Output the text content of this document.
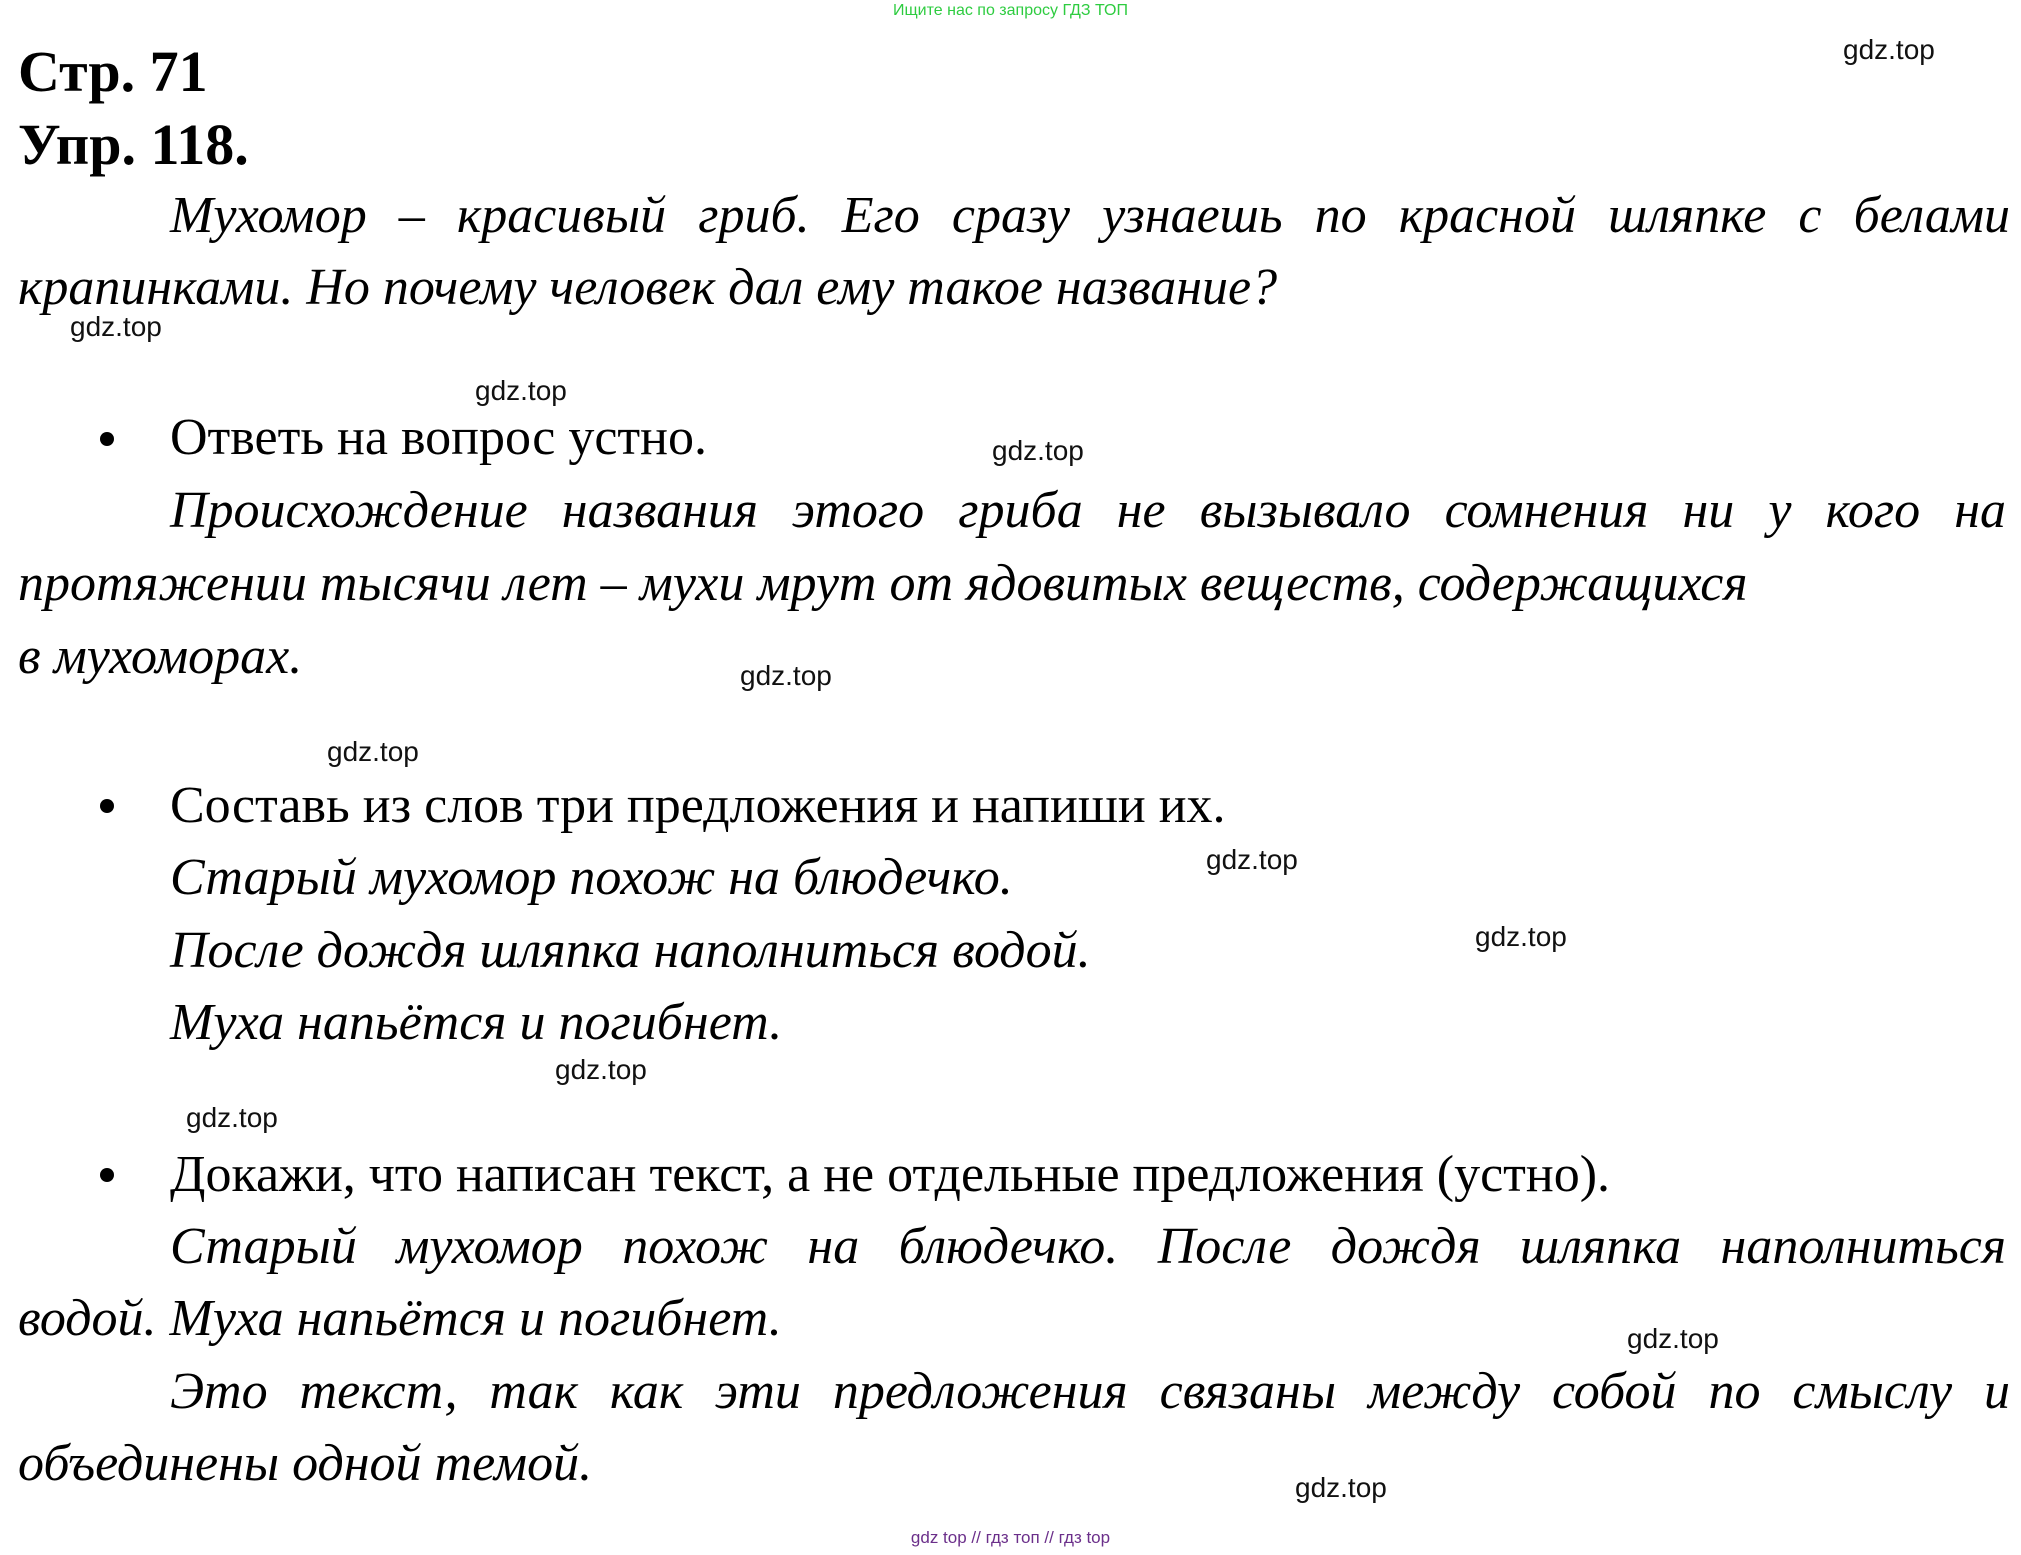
Ищите нас по запросу ГДЗ ТОП
Стр. 71
Упр. 118.
Мухомор – красивый гриб. Его сразу узнаешь по красной шляпке с белами
крапинками. Но почему человек дал ему такое название?
Ответь на вопрос устно.
Происхождение названия этого гриба не вызывало сомнения ни у кого на
протяжении тысячи лет – мухи мрут от ядовитых веществ, содержащихся
в мухоморах.
Составь из слов три предложения и напиши их.
Старый мухомор похож на блюдечко.
После дождя шляпка наполниться водой.
Муха напьётся и погибнет.
Докажи, что написан текст, а не отдельные предложения (устно).
Старый мухомор похож на блюдечко. После дождя шляпка наполниться
водой. Муха напьётся и погибнет.
Это текст, так как эти предложения связаны между собой по смыслу и
объединены одной темой.
gdz.top
gdz.top
gdz.top
gdz.top
gdz.top
gdz.top
gdz.top
gdz.top
gdz.top
gdz.top
gdz.top
gdz.top
gdz top // гдз топ // гдз top
